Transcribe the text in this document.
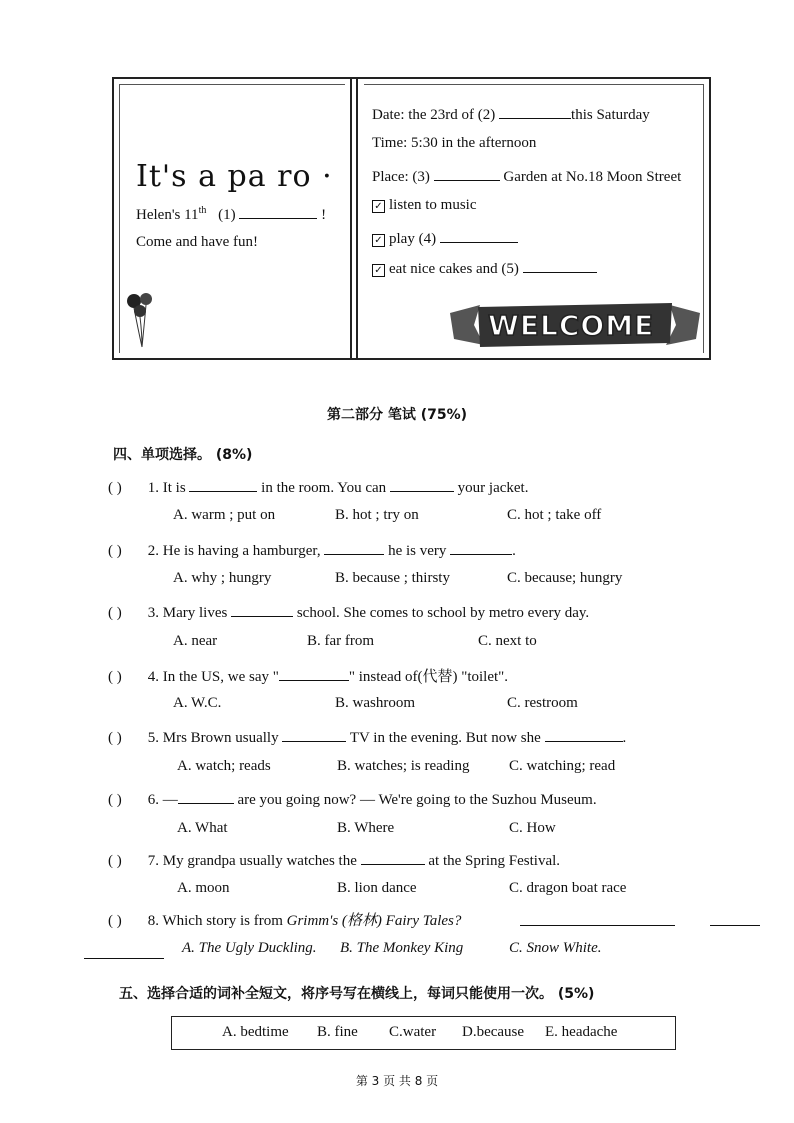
It's a pa ro ·
Helen's 11th (1)	!
Come and have fun!
Date: the 23rd of (2)	this Saturday
Time: 5:30 in the afternoon
Place: (3)	Garden at No.18 Moon Street
✓ listen to music
✓ play (4)
✓ eat nice cakes and (5)
WELCOME
第二部分 笔试 (75%)
四、单项选择。 (8%)
( ) 1. It is	in the room. You can	your jacket.
A. warm ; put on	B. hot ; try on	C. hot ; take off
( ) 2. He is having a hamburger,	he is very	.
A. why ; hungry	B. because ; thirsty	C. because; hungry
( ) 3. Mary lives	school. She comes to school by metro every day.
A. near	B. far from	C. next to
( ) 4. In the US, we say "	" instead of(代替) "toilet".
A. W.C.	B. washroom	C. restroom
( ) 5. Mrs Brown usually	TV in the evening. But now she	.
A. watch; reads	B. watches; is reading	C. watching; read
( ) 6. —	are you going now? — We're going to the Suzhou Museum.
A. What	B. Where	C. How
( ) 7. My grandpa usually watches the	at the Spring Festival.
A. moon	B. lion dance	C. dragon boat race
( ) 8. Which story is from Grimm's (格林) Fairy Tales?
A. The Ugly Duckling. B. The Monkey King	C. Snow White.
五、选择合适的词补全短文，将序号写在横线上，每词只能使用一次。 (5%)
A. bedtime B. fine C.water D.because E. headache
第 3 页 共 8 页
